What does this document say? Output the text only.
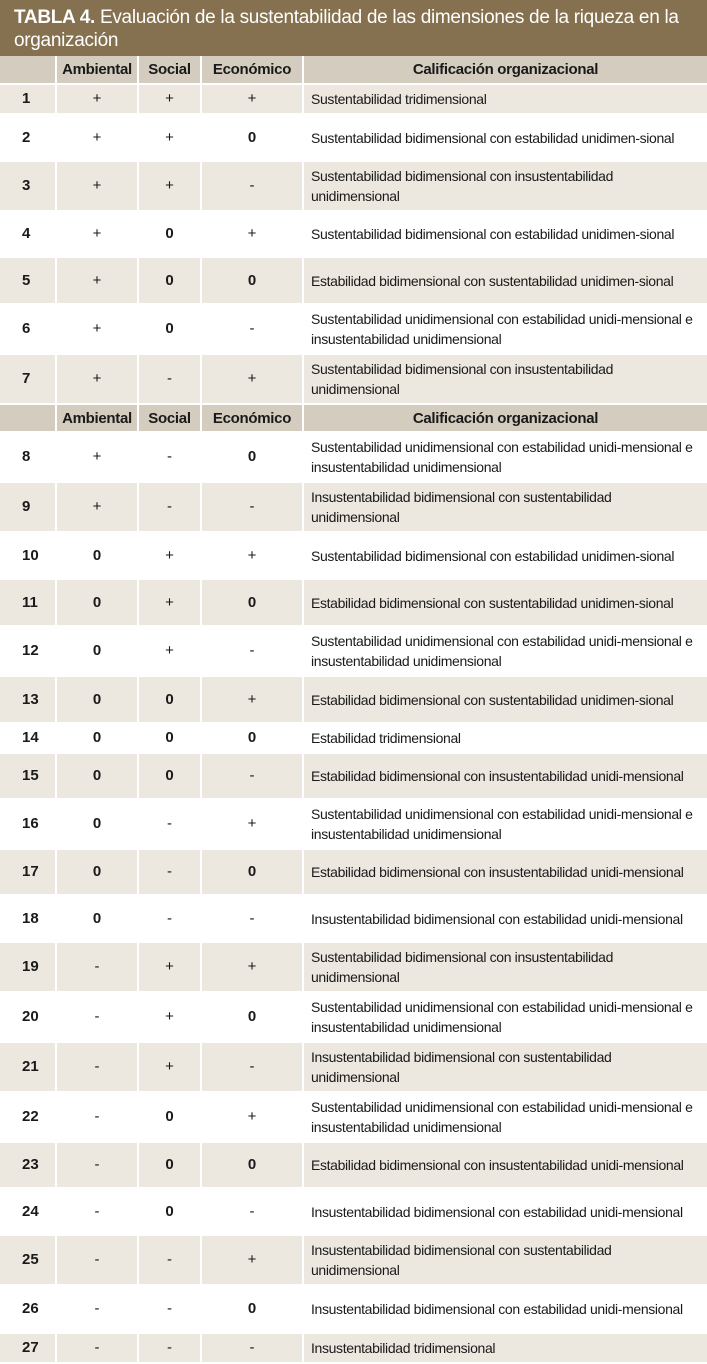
TABLA 4. Evaluación de la sustentabilidad de las dimensiones de la riqueza en la organización
	Ambiental	Social	Económico	Calificación organizacional
1	+	+	+	Sustentabilidad tridimensional
2	+	+	0	Sustentabilidad bidimensional con estabilidad unidimen-sional
3	+	+	-	Sustentabilidad bidimensional con insustentabilidad unidimensional
4	+	0	+	Sustentabilidad bidimensional con estabilidad unidimen-sional
5	+	0	0	Estabilidad bidimensional con sustentabilidad unidimen-sional
6	+	0	-	Sustentabilidad unidimensional con estabilidad unidi-mensional e insustentabilidad unidimensional
7	+	-	+	Sustentabilidad bidimensional con insustentabilidad unidimensional
	Ambiental	Social	Económico	Calificación organizacional
8	+	-	0	Sustentabilidad unidimensional con estabilidad unidi-mensional e insustentabilidad unidimensional
9	+	-	-	Insustentabilidad bidimensional con sustentabilidad unidimensional
10	0	+	+	Sustentabilidad bidimensional con estabilidad unidimen-sional
11	0	+	0	Estabilidad bidimensional con sustentabilidad unidimen-sional
12	0	+	-	Sustentabilidad unidimensional con estabilidad unidi-mensional e insustentabilidad unidimensional
13	0	0	+	Estabilidad bidimensional con sustentabilidad unidimen-sional
14	0	0	0	Estabilidad tridimensional
15	0	0	-	Estabilidad bidimensional con insustentabilidad unidi-mensional
16	0	-	+	Sustentabilidad unidimensional con estabilidad unidi-mensional e insustentabilidad unidimensional
17	0	-	0	Estabilidad bidimensional con insustentabilidad unidi-mensional
18	0	-	-	Insustentabilidad bidimensional con estabilidad unidi-mensional
19	-	+	+	Sustentabilidad bidimensional con insustentabilidad unidimensional
20	-	+	0	Sustentabilidad unidimensional con estabilidad unidi-mensional e insustentabilidad unidimensional
21	-	+	-	Insustentabilidad bidimensional con sustentabilidad unidimensional
22	-	0	+	Sustentabilidad unidimensional con estabilidad unidi-mensional e insustentabilidad unidimensional
23	-	0	0	Estabilidad bidimensional con insustentabilidad unidi-mensional
24	-	0	-	Insustentabilidad bidimensional con estabilidad unidi-mensional
25	-	-	+	Insustentabilidad bidimensional con sustentabilidad unidimensional
26	-	-	0	Insustentabilidad bidimensional con estabilidad unidi-mensional
27	-	-	-	Insustentabilidad tridimensional
